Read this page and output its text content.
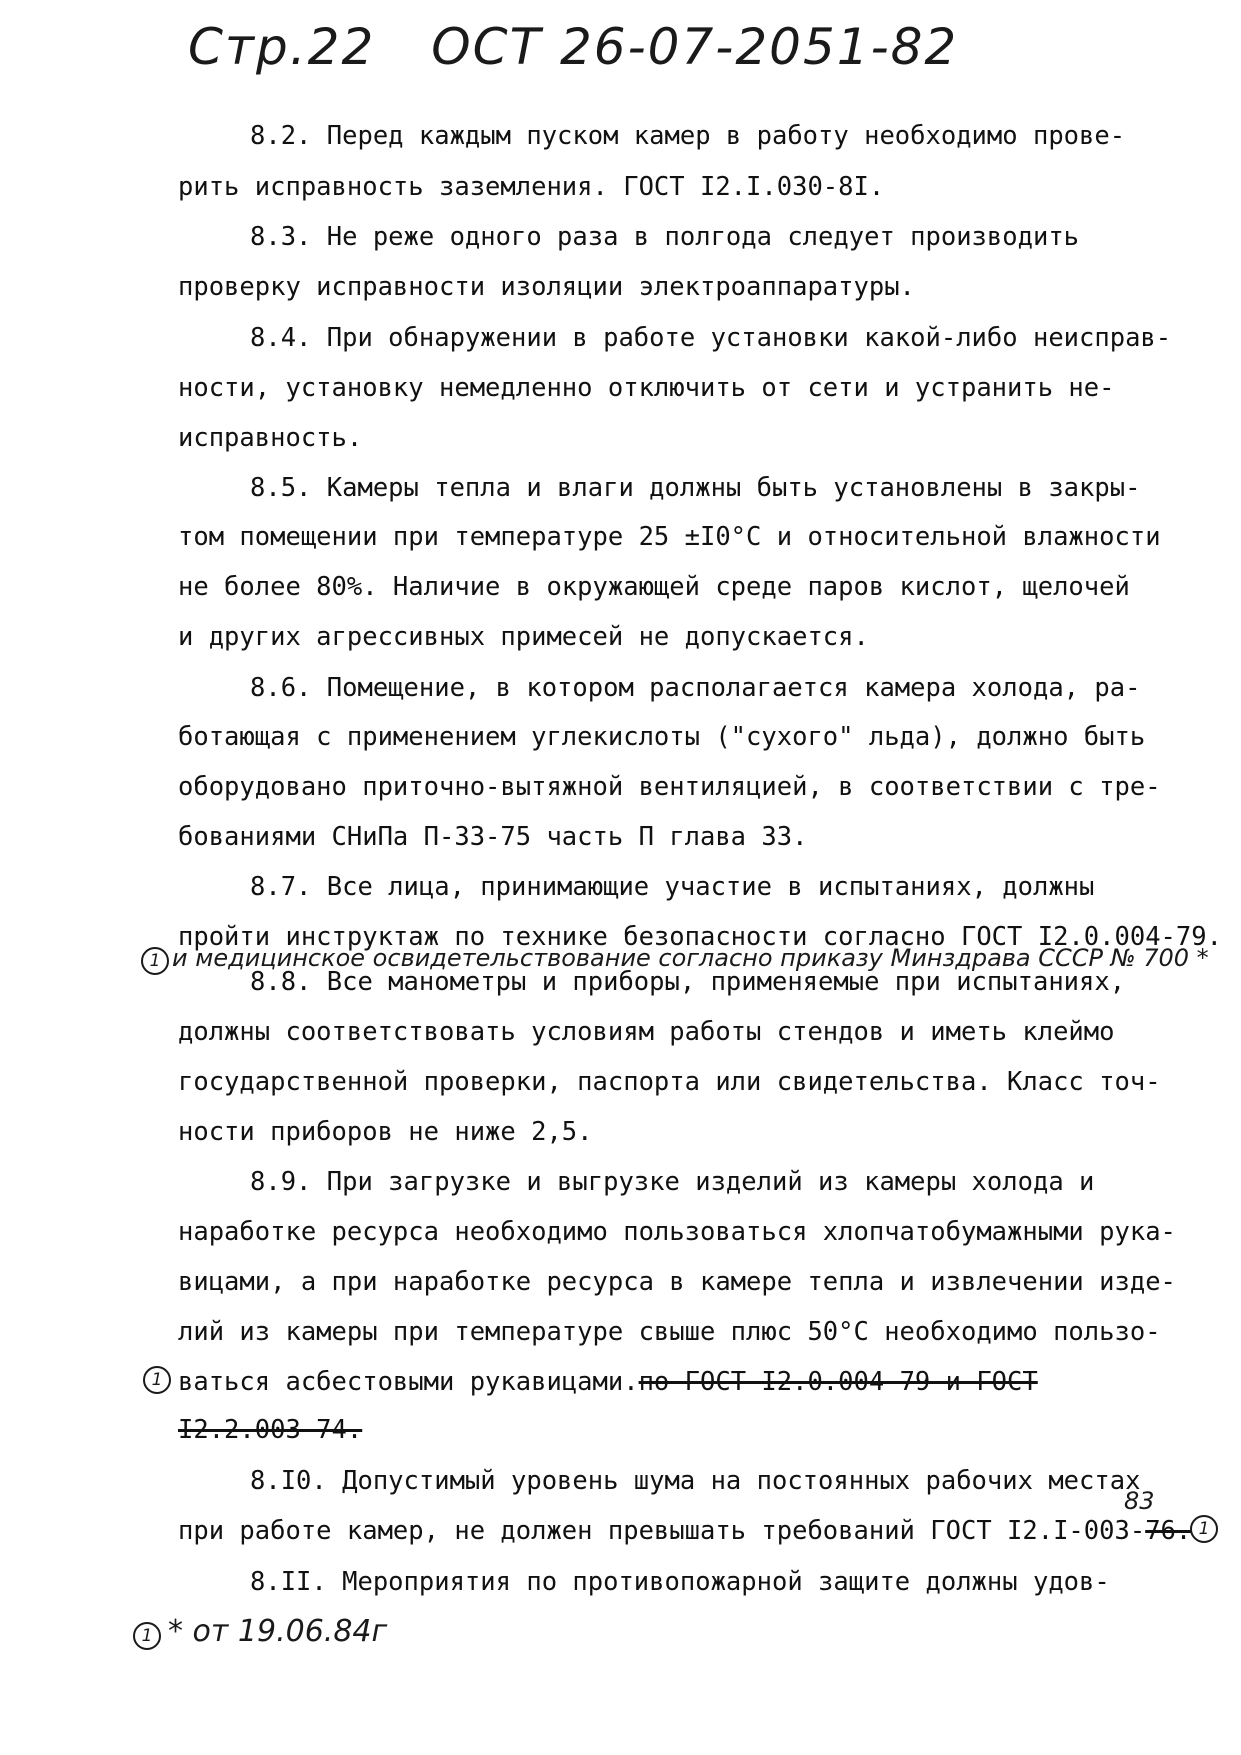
Стр.22 ОСТ 26-07-2051-82
8.2. Перед каждым пуском камер в работу необходимо прове-
рить исправность заземления. ГОСТ I2.I.030-8I.
8.3. Не реже одного раза в полгода следует производить
проверку исправности изоляции электроаппаратуры.
8.4. При обнаружении в работе установки какой-либо неисправ-
ности, установку немедленно отключить от сети и устранить не-
исправность.
8.5. Камеры тепла и влаги должны быть установлены в закры-
том помещении при температуре 25 ±I0°С и относительной влажности
не более 80%. Наличие в окружающей среде паров кислот, щелочей
и других агрессивных примесей не допускается.
8.6. Помещение, в котором располагается камера холода, ра-
ботающая с применением углекислоты ("сухого" льда), должно быть
оборудовано приточно-вытяжной вентиляцией, в соответствии с тре-
бованиями СНиПа П-33-75 часть П глава 33.
8.7. Все лица, принимающие участие в испытаниях, должны
пройти инструктаж по технике безопасности согласно ГОСТ I2.0.004-79.
1 и медицинское освидетельствование согласно приказу Минздрава СССР № 700 *
8.8. Все манометры и приборы, применяемые при испытаниях,
должны соответствовать условиям работы стендов и иметь клеймо
государственной проверки, паспорта или свидетельства. Класс точ-
ности приборов не ниже 2,5.
8.9. При загрузке и выгрузке изделий из камеры холода и
наработке ресурса необходимо пользоваться хлопчатобумажными рука-
вицами, а при наработке ресурса в камере тепла и извлечении изде-
лий из камеры при температуре свыше плюс 50°С необходимо пользо-
1 ваться асбестовыми рукавицами.по ГОСТ I2.0.004-79 и ГОСТ
I2.2.003-74.
8.I0. Допустимый уровень шума на постоянных рабочих местах
83
при работе камер, не должен превышать требований ГОСТ I2.I-003-76. 1
8.II. Мероприятия по противопожарной защите должны удов-
1 * от 19.06.84г
